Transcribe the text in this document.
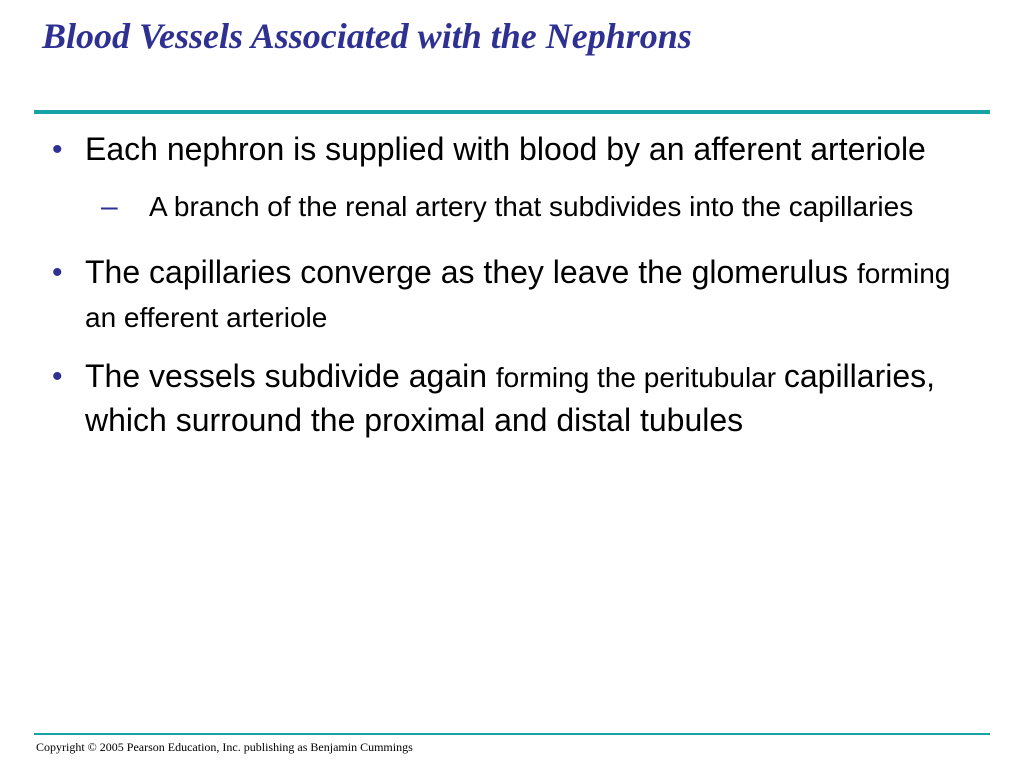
Blood Vessels Associated with the Nephrons
• Each nephron is supplied with blood by an afferent arteriole
– A branch of the renal artery that subdivides into the capillaries
• The capillaries converge as they leave the glomerulus forming an efferent arteriole
• The vessels subdivide again forming the peritubular capillaries, which surround the proximal and distal tubules
Copyright © 2005 Pearson Education, Inc. publishing as Benjamin Cummings
